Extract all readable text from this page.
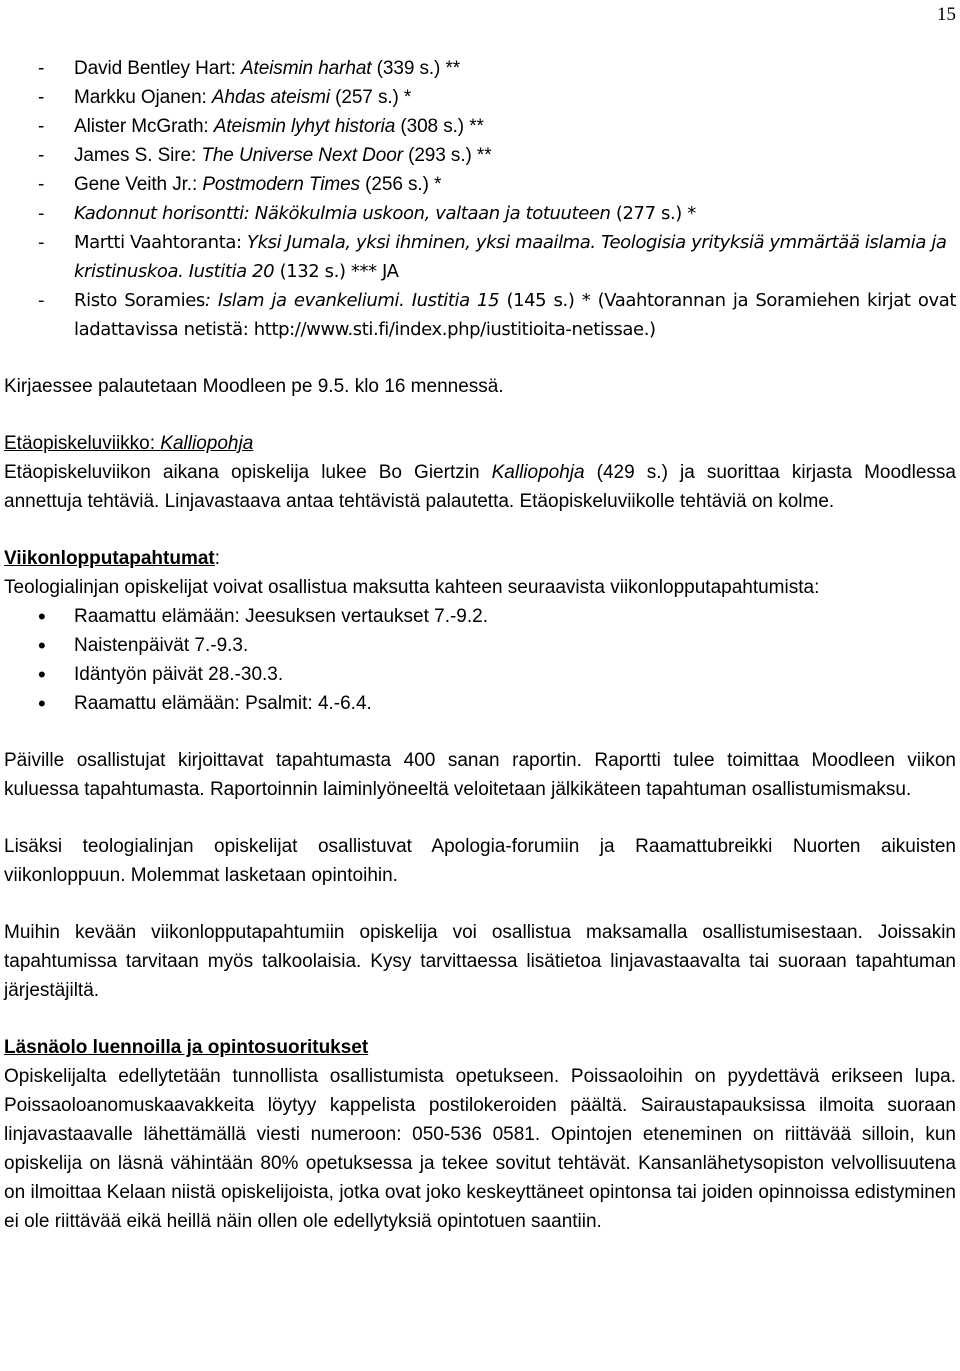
15
- David Bentley Hart: Ateismin harhat (339 s.) **
- Markku Ojanen: Ahdas ateismi (257 s.) *
- Alister McGrath: Ateismin lyhyt historia (308 s.) **
- James S. Sire: The Universe Next Door (293 s.) **
- Gene Veith Jr.: Postmodern Times (256 s.) *
- Kadonnut horisontti: Näkökulmia uskoon, valtaan ja totuuteen (277 s.) *
- Martti Vaahtoranta: Yksi Jumala, yksi ihminen, yksi maailma. Teologisia yrityksiä ymmärtää islamia ja kristinuskoa. Iustitia 20 (132 s.) *** JA
- Risto Soramies: Islam ja evankeliumi. Iustitia 15 (145 s.) * (Vaahtorannan ja Soramiehen kirjat ovat ladattavissa netistä: http://www.sti.fi/index.php/iustitioita-netissae.)

Kirjaessee palautetaan Moodleen pe 9.5. klo 16 mennessä.

Etäopiskeluviikko: Kalliopohja

Etäopiskeluviikon aikana opiskelija lukee Bo Giertzin Kalliopohja (429 s.) ja suorittaa kirjasta Moodlessa annettuja tehtäviä. Linjavastaava antaa tehtävistä palautetta. Etäopiskeluviikolle tehtäviä on kolme.

Viikonlopputapahtumat:

Teologialinjan opiskelijat voivat osallistua maksutta kahteen seuraavista viikonlopputapahtumista:

• Raamattu elämään: Jeesuksen vertaukset 7.-9.2.
• Naistenpäivät 7.-9.3.
• Idäntyön päivät 28.-30.3.
• Raamattu elämään: Psalmit: 4.-6.4.

Päiville osallistujat kirjoittavat tapahtumasta 400 sanan raportin. Raportti tulee toimittaa Moodleen viikon kuluessa tapahtumasta. Raportoinnin laiminlyöneeltä veloitetaan jälkikäteen tapahtuman osallistumismaksu.

Lisäksi teologialinjan opiskelijat osallistuvat Apologia-forumiin ja Raamattubreikki Nuorten aikuisten viikonloppuun. Molemmat lasketaan opintoihin.

Muihin kevään viikonlopputapahtumiin opiskelija voi osallistua maksamalla osallistumisestaan. Joissakin tapahtumissa tarvitaan myös talkoolaisia. Kysy tarvittaessa lisätietoa linjavastaavalta tai suoraan tapahtuman järjestäjiltä.

Läsnäolo luennoilla ja opintosuoritukset

Opiskelijalta edellytetään tunnollista osallistumista opetukseen. Poissaoloihin on pyydettävä erikseen lupa. Poissaoloanomuskaavakkeita löytyy kappelista postilokeroiden päältä. Sairaustapauksissa ilmoita suoraan linjavastaavalle lähettämällä viesti numeroon: 050-536 0581. Opintojen eteneminen on riittävää silloin, kun opiskelija on läsnä vähintään 80% opetuksessa ja tekee sovitut tehtävät. Kansanlähetysopiston velvollisuutena on ilmoittaa Kelaan niistä opiskelijoista, jotka ovat joko keskeyttäneet opintonsa tai joiden opinnoissa edistyminen ei ole riittävää eikä heillä näin ollen ole edellytyksiä opintotuen saantiin.
